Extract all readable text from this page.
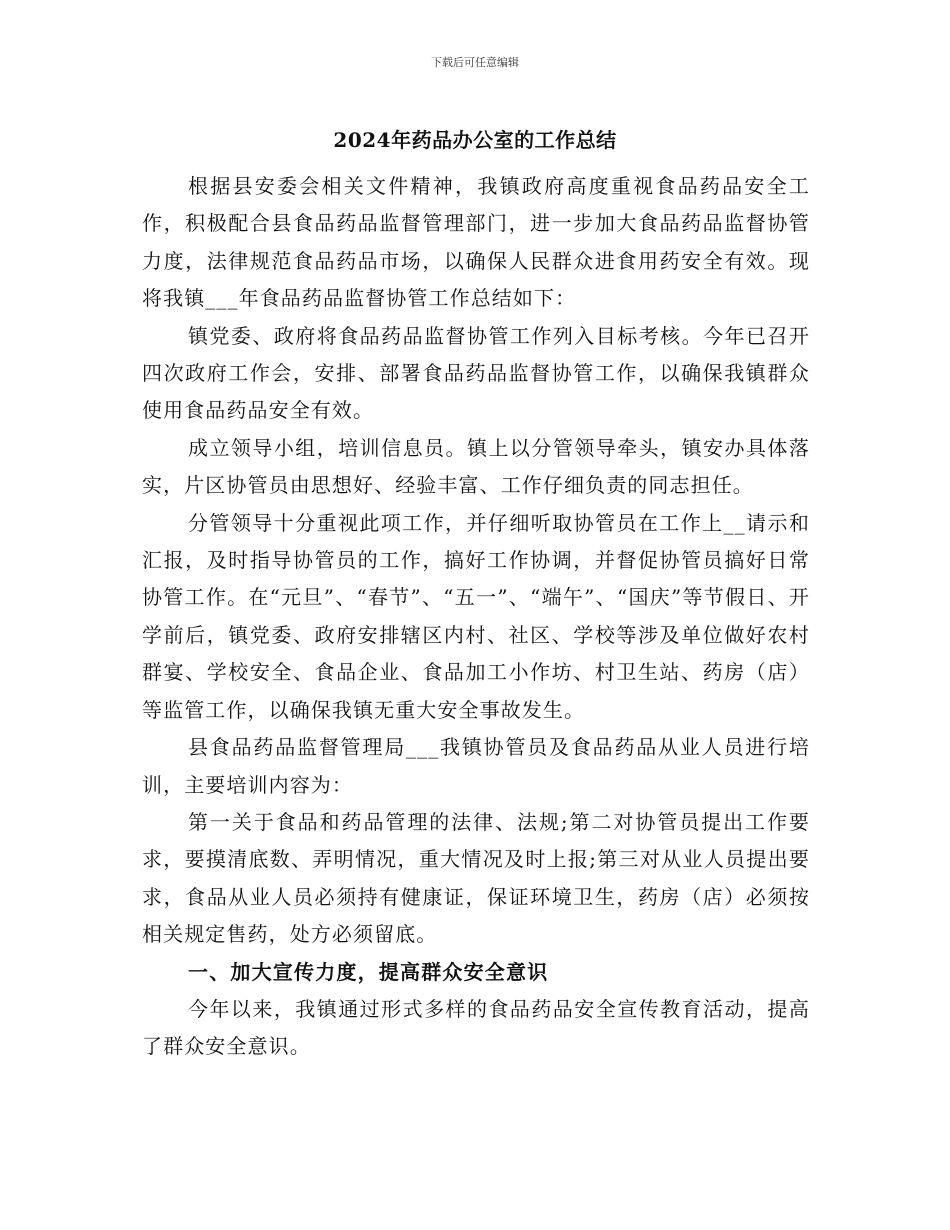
下载后可任意编辑
2024年药品办公室的工作总结

根据县安委会相关文件精神，我镇政府高度重视食品药品安全工作，积极配合县食品药品监督管理部门，进一步加大食品药品监督协管力度，法律规范食品药品市场，以确保人民群众进食用药安全有效。现将我镇___年食品药品监督协管工作总结如下：

镇党委、政府将食品药品监督协管工作列入目标考核。今年已召开四次政府工作会，安排、部署食品药品监督协管工作，以确保我镇群众使用食品药品安全有效。

成立领导小组，培训信息员。镇上以分管领导牵头，镇安办具体落实，片区协管员由思想好、经验丰富、工作仔细负责的同志担任。

分管领导十分重视此项工作，并仔细听取协管员在工作上__请示和汇报，及时指导协管员的工作，搞好工作协调，并督促协管员搞好日常协管工作。在“元旦”、“春节”、“五一”、“端午”、“国庆”等节假日、开学前后，镇党委、政府安排辖区内村、社区、学校等涉及单位做好农村群宴、学校安全、食品企业、食品加工小作坊、村卫生站、药房（店）等监管工作，以确保我镇无重大安全事故发生。

县食品药品监督管理局___我镇协管员及食品药品从业人员进行培训，主要培训内容为：

第一关于食品和药品管理的法律、法规;第二对协管员提出工作要求，要摸清底数、弄明情况，重大情况及时上报;第三对从业人员提出要求，食品从业人员必须持有健康证，保证环境卫生，药房（店）必须按相关规定售药，处方必须留底。

一、加大宣传力度，提高群众安全意识

今年以来，我镇通过形式多样的食品药品安全宣传教育活动，提高了群众安全意识。
